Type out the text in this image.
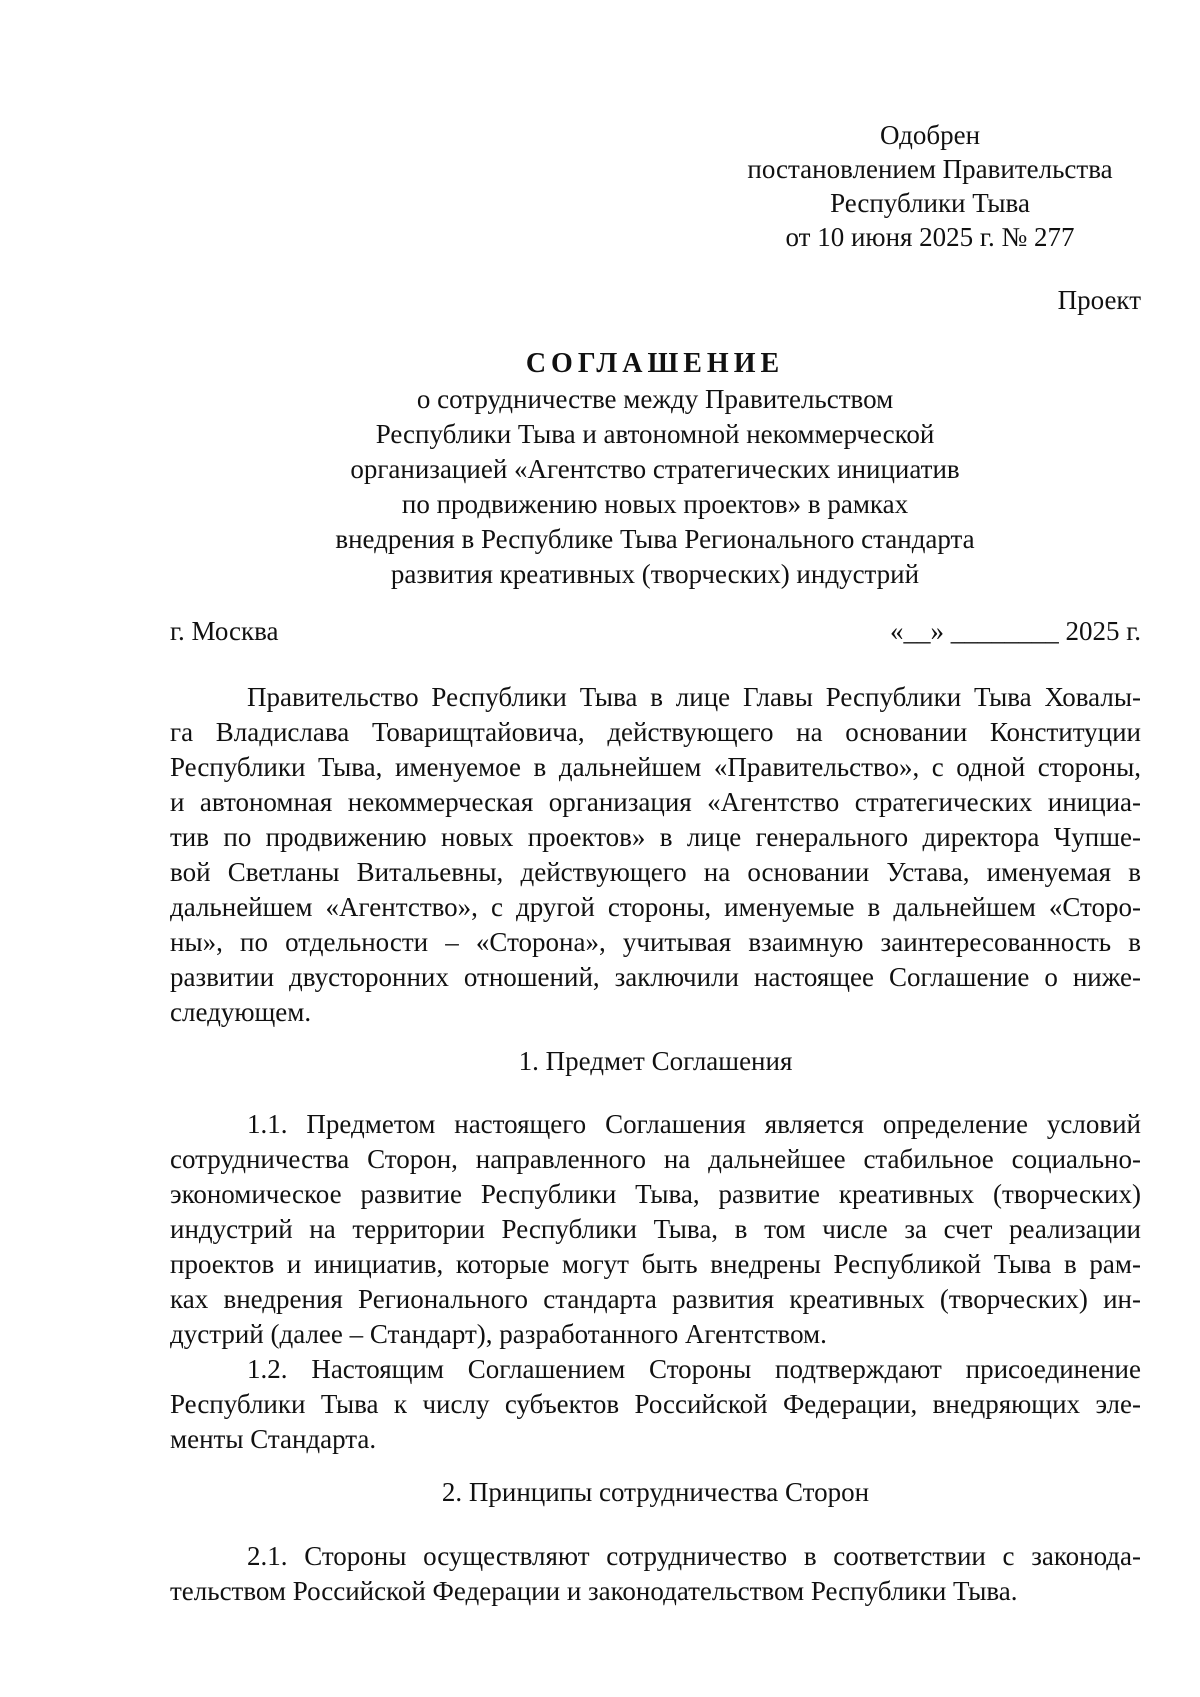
Одобрен
постановлением Правительства
Республики Тыва
от 10 июня 2025 г. № 277
Проект
СОГЛАШЕНИЕ
о сотрудничестве между Правительством
Республики Тыва и автономной некоммерческой
организацией «Агентство стратегических инициатив
по продвижению новых проектов» в рамках
внедрения в Республике Тыва Регионального стандарта
развития креативных (творческих) индустрий
г. Москва	«__» ________ 2025 г.
Правительство Республики Тыва в лице Главы Республики Тыва Ховалы-
га Владислава Товарищтайовича, действующего на основании Конституции
Республики Тыва, именуемое в дальнейшем «Правительство», с одной стороны,
и автономная некоммерческая организация «Агентство стратегических инициа-
тив по продвижению новых проектов» в лице генерального директора Чупше-
вой Светланы Витальевны, действующего на основании Устава, именуемая в
дальнейшем «Агентство», с другой стороны, именуемые в дальнейшем «Сторо-
ны», по отдельности – «Сторона», учитывая взаимную заинтересованность в
развитии двусторонних отношений, заключили настоящее Соглашение о ниже-
следующем.
1. Предмет Соглашения
1.1. Предметом настоящего Соглашения является определение условий
сотрудничества Сторон, направленного на дальнейшее стабильное социально-
экономическое развитие Республики Тыва, развитие креативных (творческих)
индустрий на территории Республики Тыва, в том числе за счет реализации
проектов и инициатив, которые могут быть внедрены Республикой Тыва в рам-
ках внедрения Регионального стандарта развития креативных (творческих) ин-
дустрий (далее – Стандарт), разработанного Агентством.
1.2. Настоящим Соглашением Стороны подтверждают присоединение
Республики Тыва к числу субъектов Российской Федерации, внедряющих эле-
менты Стандарта.
2. Принципы сотрудничества Сторон
2.1. Стороны осуществляют сотрудничество в соответствии с законода-
тельством Российской Федерации и законодательством Республики Тыва.
